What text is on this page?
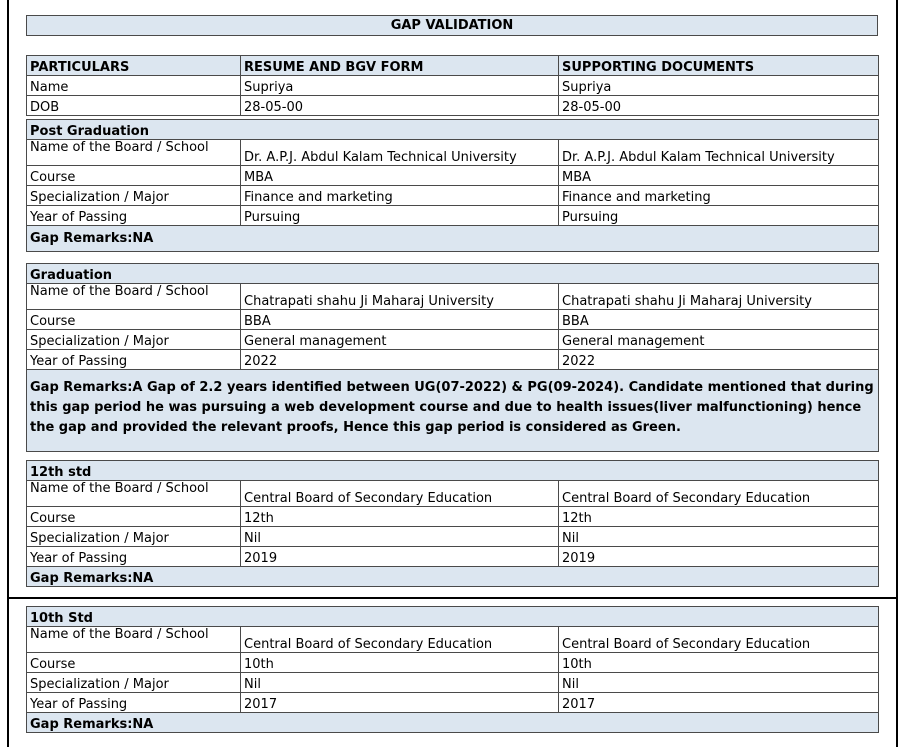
GAP VALIDATION
PARTICULARS	RESUME AND BGV FORM	SUPPORTING DOCUMENTS
Name	Supriya	Supriya
DOB	28-05-00	28-05-00
Post Graduation		
Name of the Board / School	Dr. A.P.J. Abdul Kalam Technical University	Dr. A.P.J. Abdul Kalam Technical University
Course	MBA	MBA
Specialization / Major	Finance and marketing	Finance and marketing
Year of Passing	Pursuing	Pursuing
Gap Remarks:NA		
Graduation		
Name of the Board / School	Chatrapati shahu Ji Maharaj University	Chatrapati shahu Ji Maharaj University
Course	BBA	BBA
Specialization / Major	General management	General management
Year of Passing	2022	2022
Gap Remarks:A Gap of 2.2 years identified between UG(07-2022) & PG(09-2024). Candidate mentioned that during this gap period he was pursuing a web development course and due to health issues(liver malfunctioning) hence the gap and provided the relevant proofs, Hence this gap period is considered as Green.		
12th std		
Name of the Board / School	Central Board of Secondary Education	Central Board of Secondary Education
Course	12th	12th
Specialization / Major	Nil	Nil
Year of Passing	2019	2019
Gap Remarks:NA		
10th Std		
Name of the Board / School	Central Board of Secondary Education	Central Board of Secondary Education
Course	10th	10th
Specialization / Major	Nil	Nil
Year of Passing	2017	2017
Gap Remarks:NA		
